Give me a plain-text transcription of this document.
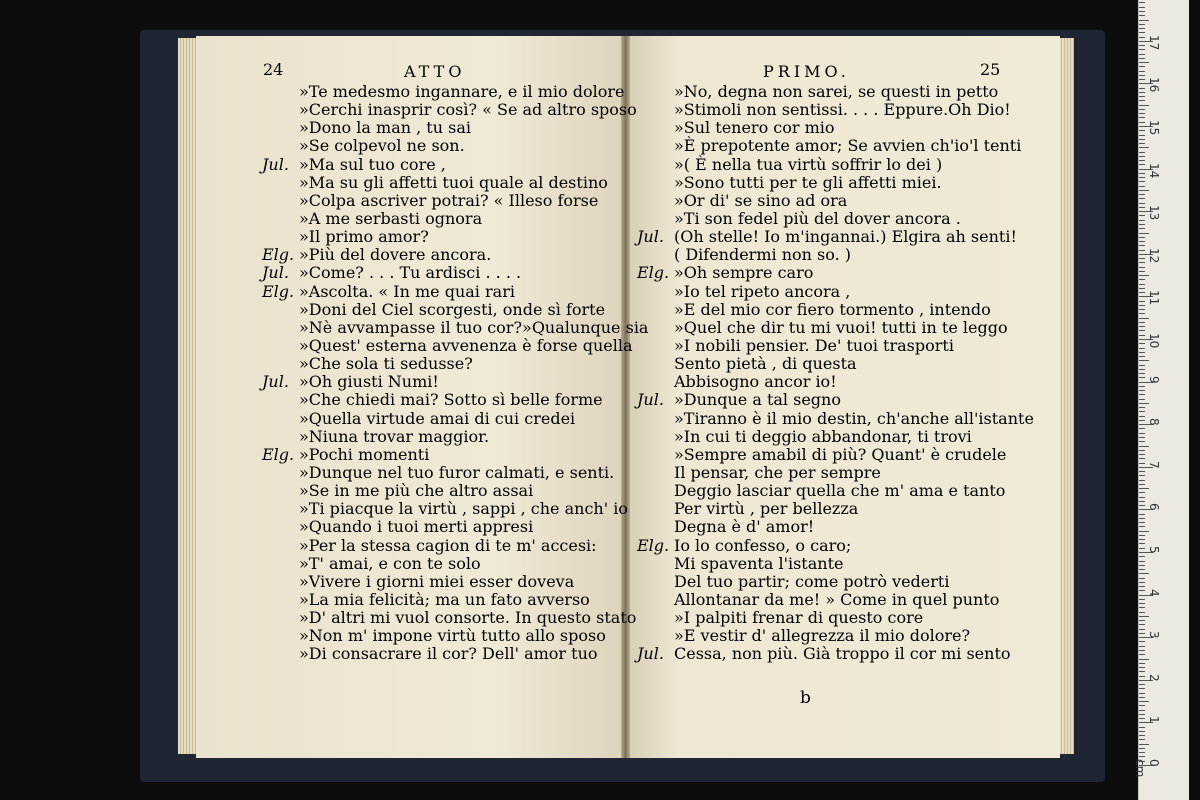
24	ATTO	PRIMO.	25
»Te medesmo ingannare, e il mio dolore
»Cerchi inasprir così? « Se ad altro sposo
»Dono la man , tu sai
»Se colpevol ne son.
Jul. »Ma sul tuo core ,
»Ma su gli affetti tuoi quale al destino
»Colpa ascriver potrai? « Illeso forse
»A me serbasti ognora
»Il primo amor?
Elg. »Più del dovere ancora.
Jul. »Come? . . . Tu ardisci . . . .
Elg. »Ascolta. « In me quai rari
»Doni del Ciel scorgesti, onde sì forte
»Nè avvampasse il tuo cor?»Qualunque sia
»Quest' esterna avvenenza è forse quella
»Che sola ti sedusse?
Jul. »Oh giusti Numi!
»Che chiedi mai? Sotto sì belle forme
»Quella virtude amai di cui credei
»Niuna trovar maggior.
Elg. »Pochi momenti
»Dunque nel tuo furor calmati, e senti.
»Se in me più che altro assai
»Ti piacque la virtù , sappi , che anch' io
»Quando i tuoi merti appresi
»Per la stessa cagion di te m' accesi:
»T' amai, e con te solo
»Vivere i giorni miei esser doveva
»La mia felicità; ma un fato avverso
»D' altri mi vuol consorte. In questo stato
»Non m' impone virtù tutto allo sposo
»Di consacrare il cor? Dell' amor tuo
»No, degna non sarei, se questi in petto
»Stimoli non sentissi. . . . Eppure.Oh Dio!
»Sul tenero cor mio
»È prepotente amor; Se avvien ch'io'l tenti
»( È nella tua virtù soffrir lo dei )
»Sono tutti per te gli affetti miei.
»Or di' se sino ad ora
»Ti son fedel più del dover ancora .
Jul. (Oh stelle! Io m'ingannai.) Elgira ah senti!
( Difendermi non so. )
Elg. »Oh sempre caro
»Io tel ripeto ancora ,
»E del mio cor fiero tormento , intendo
»Quel che dir tu mi vuoi! tutti in te leggo
»I nobili pensier. De' tuoi trasporti
Sento pietà , di questa
Abbisogno ancor io!
Jul. »Dunque a tal segno
»Tiranno è il mio destin, ch'anche all'istante
»In cui ti deggio abbandonar, ti trovi
»Sempre amabil di più? Quant' è crudele
Il pensar, che per sempre
Deggio lasciar quella che m' ama e tanto
Per virtù , per bellezza
Degna è d' amor!
Elg. Io lo confesso, o caro;
Mi spaventa l'istante
Del tuo partir; come potrò vederti
Allontanar da me! » Come in quel punto
»I palpiti frenar di questo core
»E vestir d' allegrezza il mio dolore?
Jul. Cessa, non più. Già troppo il cor mi sento
b
0 cm
1
2
3
4
5
6
7
8
9
10
11
12
13
14
15
16
17
